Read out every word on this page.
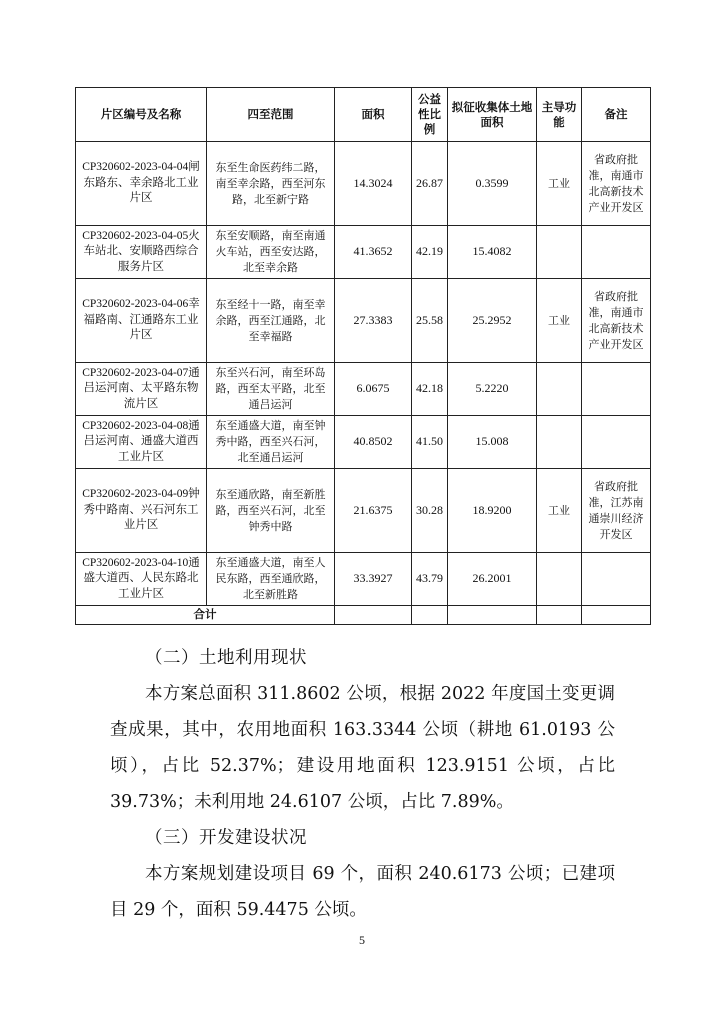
片区编号及名称	四至范围	面积	公益性比例	拟征收集体土地面积	主导功能	备注
CP320602-2023-04-04闸东路东、幸余路北工业片区	东至生命医药纬二路，南至幸余路，西至河东路，北至新宁路	14.3024	26.87	0.3599	工业	省政府批准，南通市北高新技术产业开发区
CP320602-2023-04-05火车站北、安顺路西综合服务片区	东至安顺路，南至南通火车站，西至安达路，北至幸余路	41.3652	42.19	15.4082		
CP320602-2023-04-06幸福路南、江通路东工业片区	东至经十一路，南至幸余路，西至江通路，北至幸福路	27.3383	25.58	25.2952	工业	省政府批准，南通市北高新技术产业开发区
CP320602-2023-04-07通吕运河南、太平路东物流片区	东至兴石河，南至环岛路，西至太平路，北至通吕运河	6.0675	42.18	5.2220		
CP320602-2023-04-08通吕运河南、通盛大道西工业片区	东至通盛大道，南至钟秀中路，西至兴石河，北至通吕运河	40.8502	41.50	15.008		
CP320602-2023-04-09钟秀中路南、兴石河东工业片区	东至通欣路，南至新胜路，西至兴石河，北至钟秀中路	21.6375	30.28	18.9200	工业	省政府批准，江苏南通崇川经济开发区
CP320602-2023-04-10通盛大道西、人民东路北工业片区	东至通盛大道，南至人民东路，西至通欣路，北至新胜路	33.3927	43.79	26.2001		
合计						

（二）土地利用现状

本方案总面积 311.8602 公顷，根据 2022 年度国土变更调查成果，其中，农用地面积 163.3344 公顷（耕地 61.0193 公顷），占比 52.37%；建设用地面积 123.9151 公顷，占比 39.73%；未利用地 24.6107 公顷，占比 7.89%。

（三）开发建设状况

本方案规划建设项目 69 个，面积 240.6173 公顷；已建项目 29 个，面积 59.4475 公顷。

5
